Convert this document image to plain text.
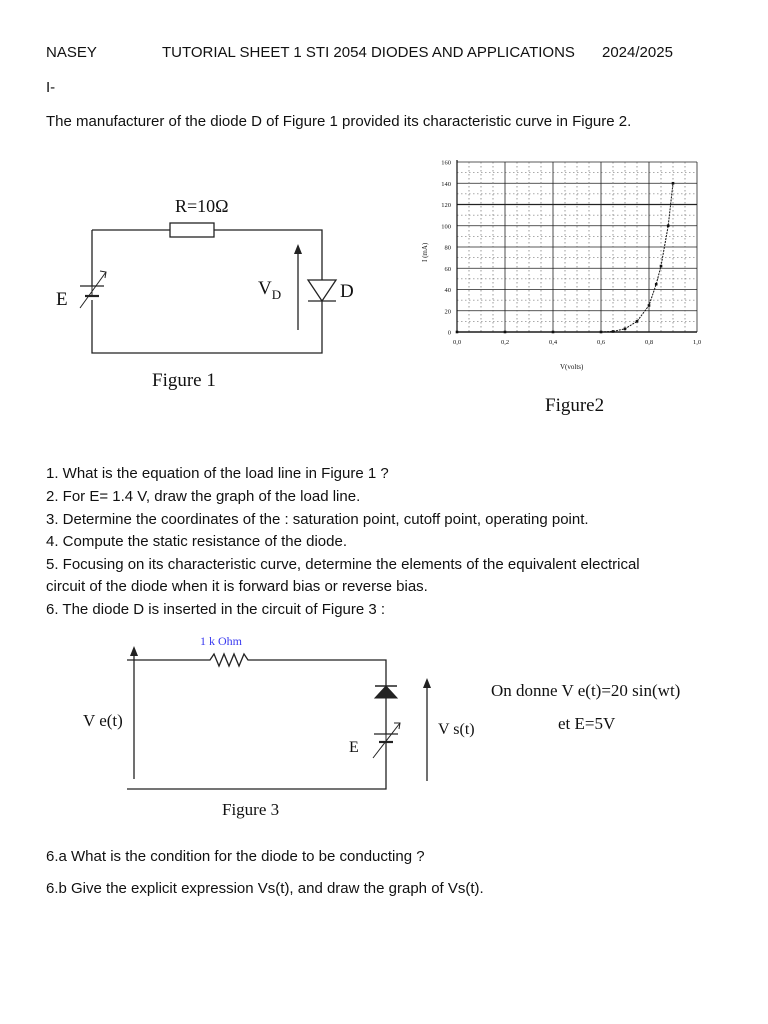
NASEY	TUTORIAL SHEET 1 STI 2054 DIODES AND APPLICATIONS 2024/2025
I-
The manufacturer of the diode D of Figure 1 provided its characteristic curve in Figure 2.
R=10Ω
E
$V_D$	D
Figure 1
0
20
40
60
80
100
120
140
160
0,0	0,2	0,4	0,6	0,8	1,0
I (mA)
V(volts)
Figure2
1. What is the equation of the load line in Figure 1 ?
2. For E= 1.4 V, draw the graph of the load line.
3. Determine the coordinates of the : saturation point, cutoff point, operating point.
4. Compute the static resistance of the diode.
5. Focusing on its characteristic curve, determine the elements of the equivalent electrical
circuit of the diode when it is forward bias or reverse bias.
6. The diode D is inserted in the circuit of Figure 3 :
1 k Ohm
V e(t)	V s(t)
E
On donne V e(t)=20 sin(wt)
et E=5V
Figure 3
6.a What is the condition for the diode to be conducting ?
6.b Give the explicit expression Vs(t), and draw the graph of Vs(t).
